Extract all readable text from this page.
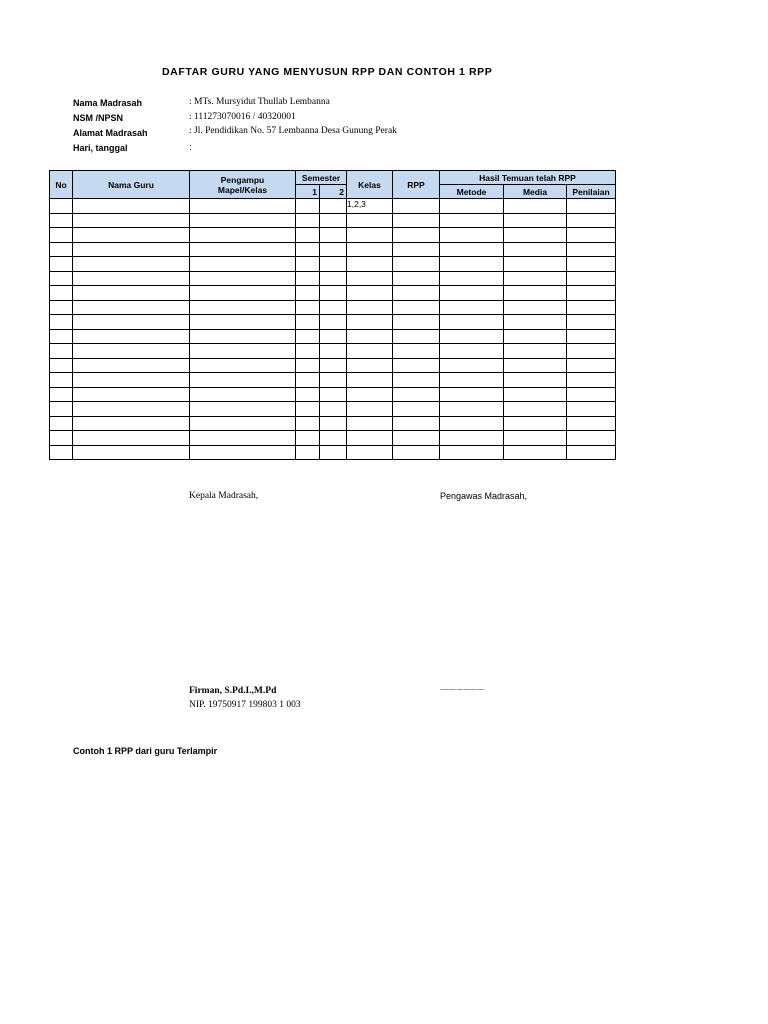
DAFTAR GURU YANG MENYUSUN RPP DAN CONTOH 1 RPP
Nama Madrasah	: MTs. Mursyidut Thullab Lembanna
NSM /NPSN	: 111273070016 / 40320001
Alamat Madrasah	: Jl. Pendidikan No. 57 Lembanna Desa Gunung Perak
Hari, tanggal	:
No	Nama Guru	Pengampu Mapel/Kelas	Semester		Kelas	RPP	Hasil Temuan telah RPP		
			1	2			Metode	Media	Penilaian
					1,2,3				

Kepala Madrasah,	Pengawas Madrasah,
Firman, S.Pd.I.,M.Pd	......................................
NIP. 19750917 199803 1 003
Contoh 1 RPP dari guru Terlampir
